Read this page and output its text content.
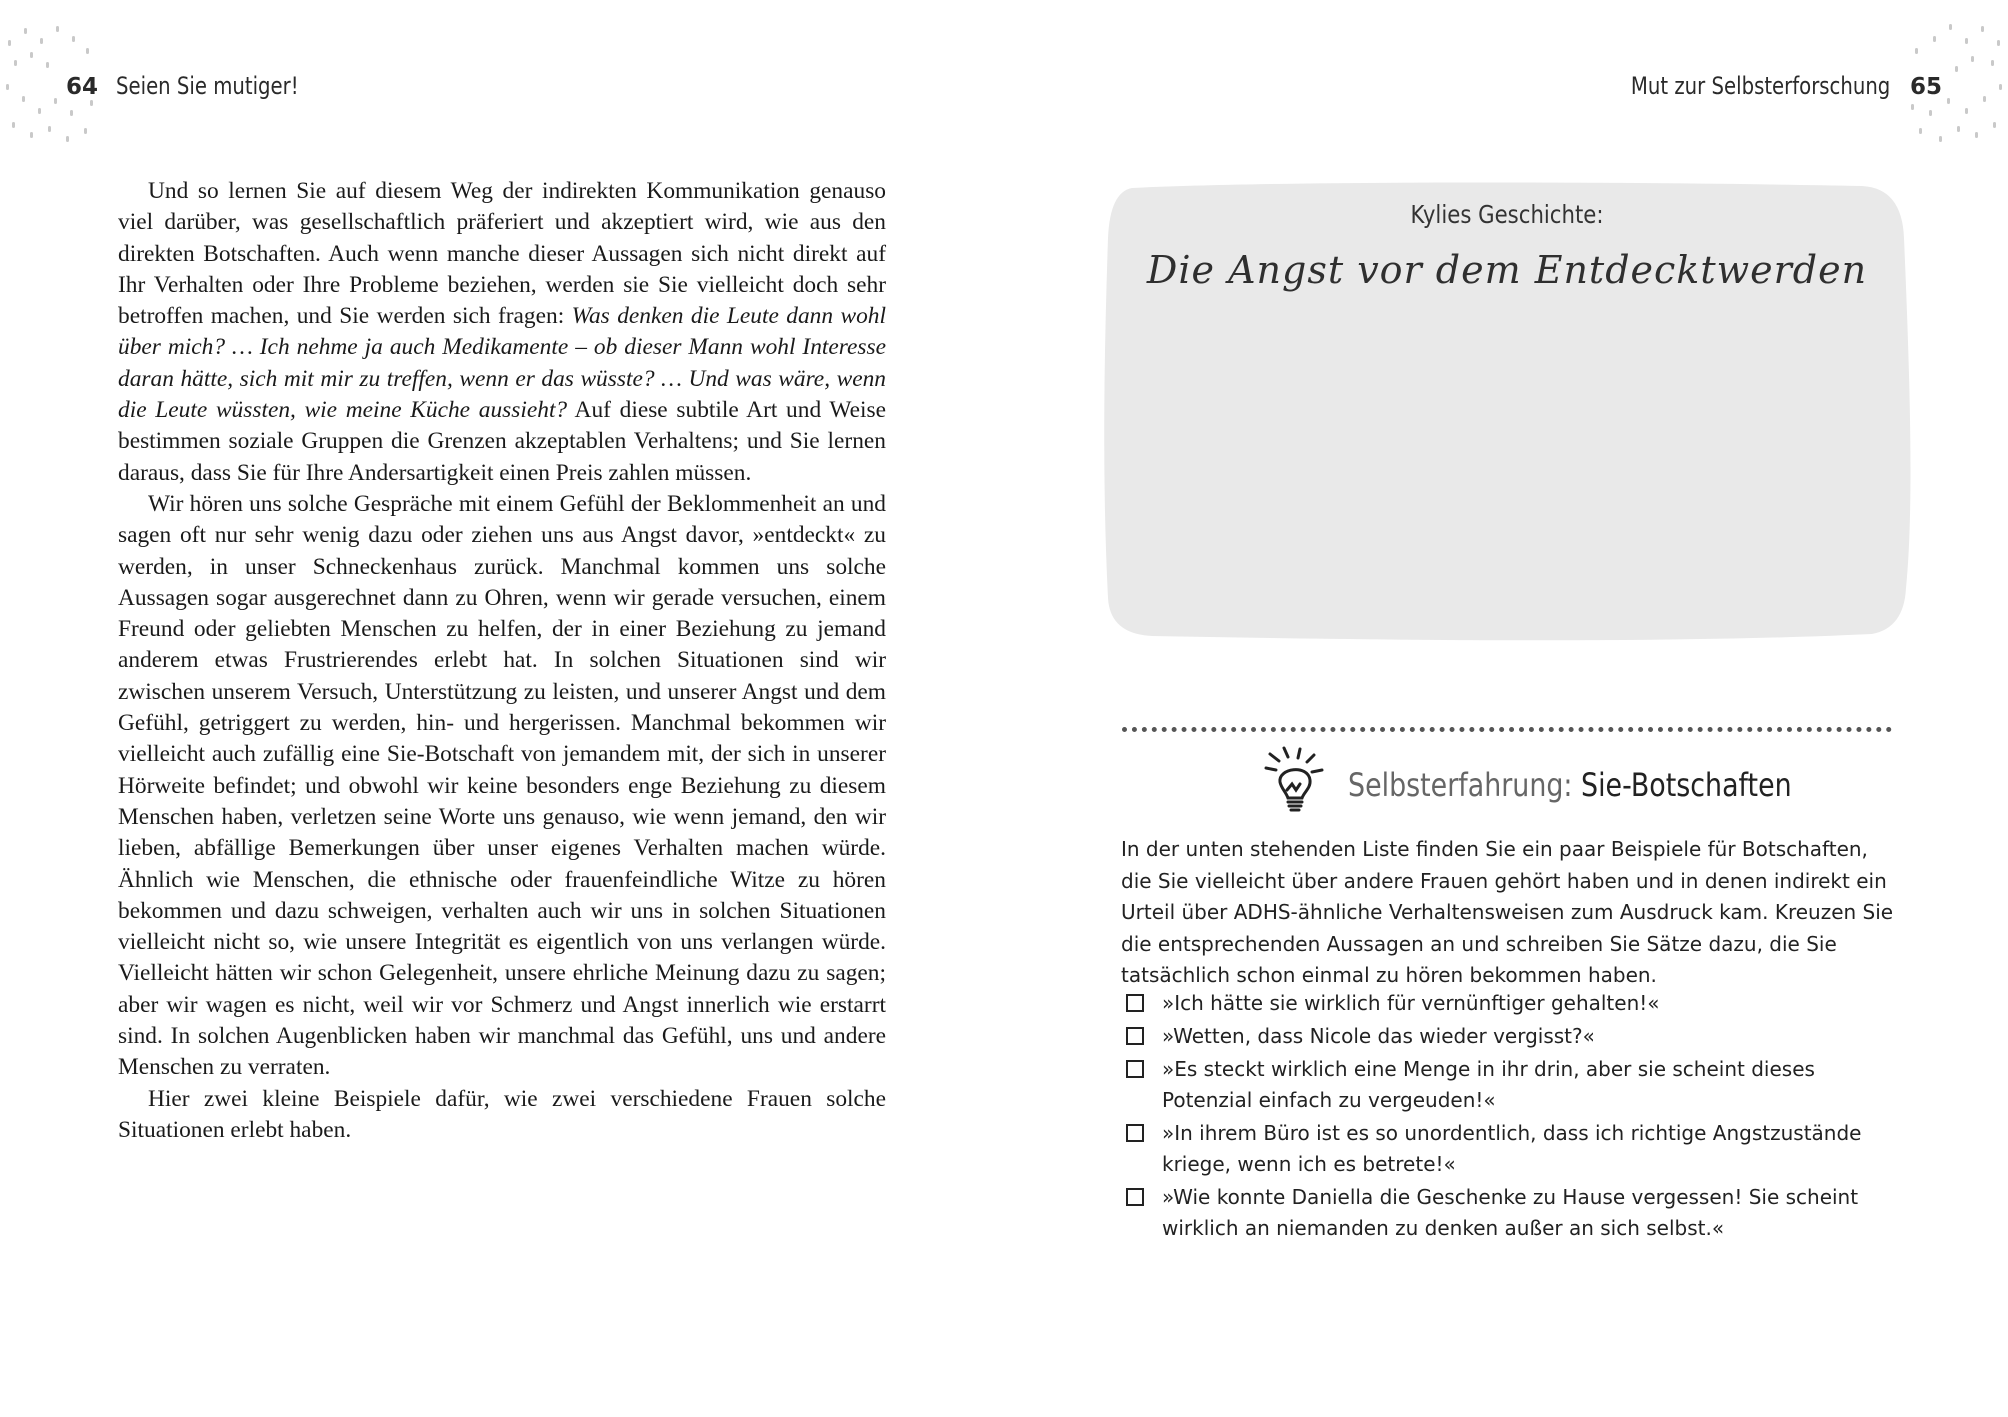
64 Seien Sie mutiger!

Und so lernen Sie auf diesem Weg der indirekten Kommunikation genauso viel darüber, was gesellschaftlich präferiert und akzeptiert wird, wie aus den direkten Botschaften. Auch wenn manche dieser Aussagen sich nicht direkt auf Ihr Verhalten oder Ihre Probleme beziehen, werden sie Sie vielleicht doch sehr betroffen machen, und Sie werden sich fragen: Was denken die Leute dann wohl über mich? … Ich nehme ja auch Medikamente – ob dieser Mann wohl Interesse daran hätte, sich mit mir zu treffen, wenn er das wüsste? … Und was wäre, wenn die Leute wüssten, wie meine Küche aussieht? Auf diese subtile Art und Weise bestimmen soziale Gruppen die Grenzen akzeptablen Verhaltens; und Sie lernen daraus, dass Sie für Ihre Andersartigkeit einen Preis zahlen müssen.

Wir hören uns solche Gespräche mit einem Gefühl der Beklommenheit an und sagen oft nur sehr wenig dazu oder ziehen uns aus Angst davor, »entdeckt« zu werden, in unser Schneckenhaus zurück. Manchmal kommen uns solche Aussagen sogar ausgerechnet dann zu Ohren, wenn wir gerade versuchen, einem Freund oder geliebten Menschen zu helfen, der in einer Beziehung zu jemand anderem etwas Frustrierendes erlebt hat. In solchen Situationen sind wir zwischen unserem Versuch, Unterstützung zu leisten, und unserer Angst und dem Gefühl, getriggert zu werden, hin- und hergerissen. Manchmal bekommen wir vielleicht auch zufällig eine Sie-Botschaft von jemandem mit, der sich in unserer Hörweite befindet; und obwohl wir keine besonders enge Beziehung zu diesem Menschen haben, verletzen seine Worte uns genauso, wie wenn jemand, den wir lieben, abfällige Bemerkungen über unser eigenes Verhalten machen würde. Ähnlich wie Menschen, die ethnische oder frauenfeindliche Witze zu hören bekommen und dazu schweigen, verhalten auch wir uns in solchen Situationen vielleicht nicht so, wie unsere Integrität es eigentlich von uns verlangen würde. Vielleicht hätten wir schon Gelegenheit, unsere ehrliche Meinung dazu zu sagen; aber wir wagen es nicht, weil wir vor Schmerz und Angst innerlich wie erstarrt sind. In solchen Augenblicken haben wir manchmal das Gefühl, uns und andere Menschen zu verraten.

Hier zwei kleine Beispiele dafür, wie zwei verschiedene Frauen solche Situationen erlebt haben.

Mut zur Selbsterforschung 65
Kylies Geschichte:
Die Angst vor dem Entdecktwerden
Selbsterfahrung: Sie-Botschaften
In der unten stehenden Liste finden Sie ein paar Beispiele für Botschaften, die Sie vielleicht über andere Frauen gehört haben und in denen indirekt ein Urteil über ADHS-ähnliche Verhaltensweisen zum Ausdruck kam. Kreuzen Sie die entsprechenden Aussagen an und schreiben Sie Sätze dazu, die Sie tatsächlich schon einmal zu hören bekommen haben.
»Ich hätte sie wirklich für vernünftiger gehalten!«
»Wetten, dass Nicole das wieder vergisst?«
»Es steckt wirklich eine Menge in ihr drin, aber sie scheint dieses Potenzial einfach zu vergeuden!«
»In ihrem Büro ist es so unordentlich, dass ich richtige Angstzustände kriege, wenn ich es betrete!«
»Wie konnte Daniella die Geschenke zu Hause vergessen! Sie scheint wirklich an niemanden zu denken außer an sich selbst.«
